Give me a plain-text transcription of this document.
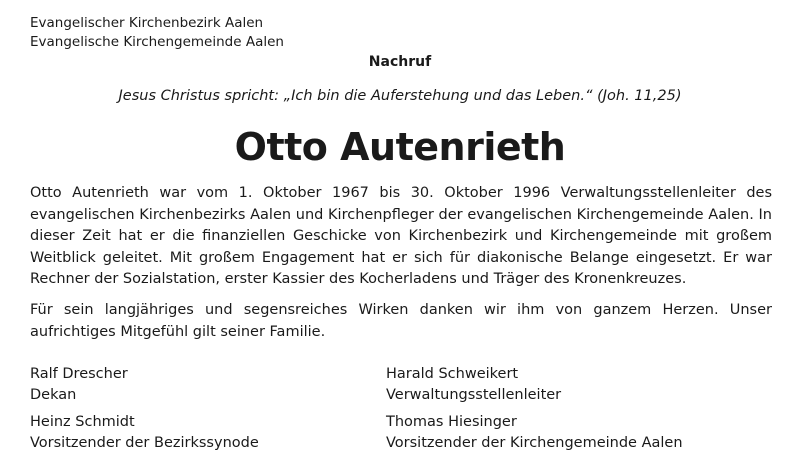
Evangelischer Kirchenbezirk Aalen
Evangelische Kirchengemeinde Aalen
Nachruf
Jesus Christus spricht: „Ich bin die Auferstehung und das Leben.“ (Joh. 11,25)
Otto Autenrieth

Otto Autenrieth war vom 1. Oktober 1967 bis 30. Oktober 1996 Verwaltungsstellenleiter des evangelischen Kirchenbezirks Aalen und Kirchenpfleger der evangelischen Kirchengemeinde Aalen. In dieser Zeit hat er die finanziellen Geschicke von Kirchenbezirk und Kirchengemeinde mit großem Weitblick geleitet. Mit großem Engagement hat er sich für diakonische Belange eingesetzt. Er war Rechner der Sozialstation, erster Kassier des Kocherladens und Träger des Kronenkreuzes.

Für sein langjähriges und segensreiches Wirken danken wir ihm von ganzem Herzen. Unser aufrichtiges Mitgefühl gilt seiner Familie.

Ralf Drescher
Dekan
Harald Schweikert
Verwaltungsstellenleiter
Heinz Schmidt
Vorsitzender der Bezirkssynode
Thomas Hiesinger
Vorsitzender der Kirchengemeinde Aalen
